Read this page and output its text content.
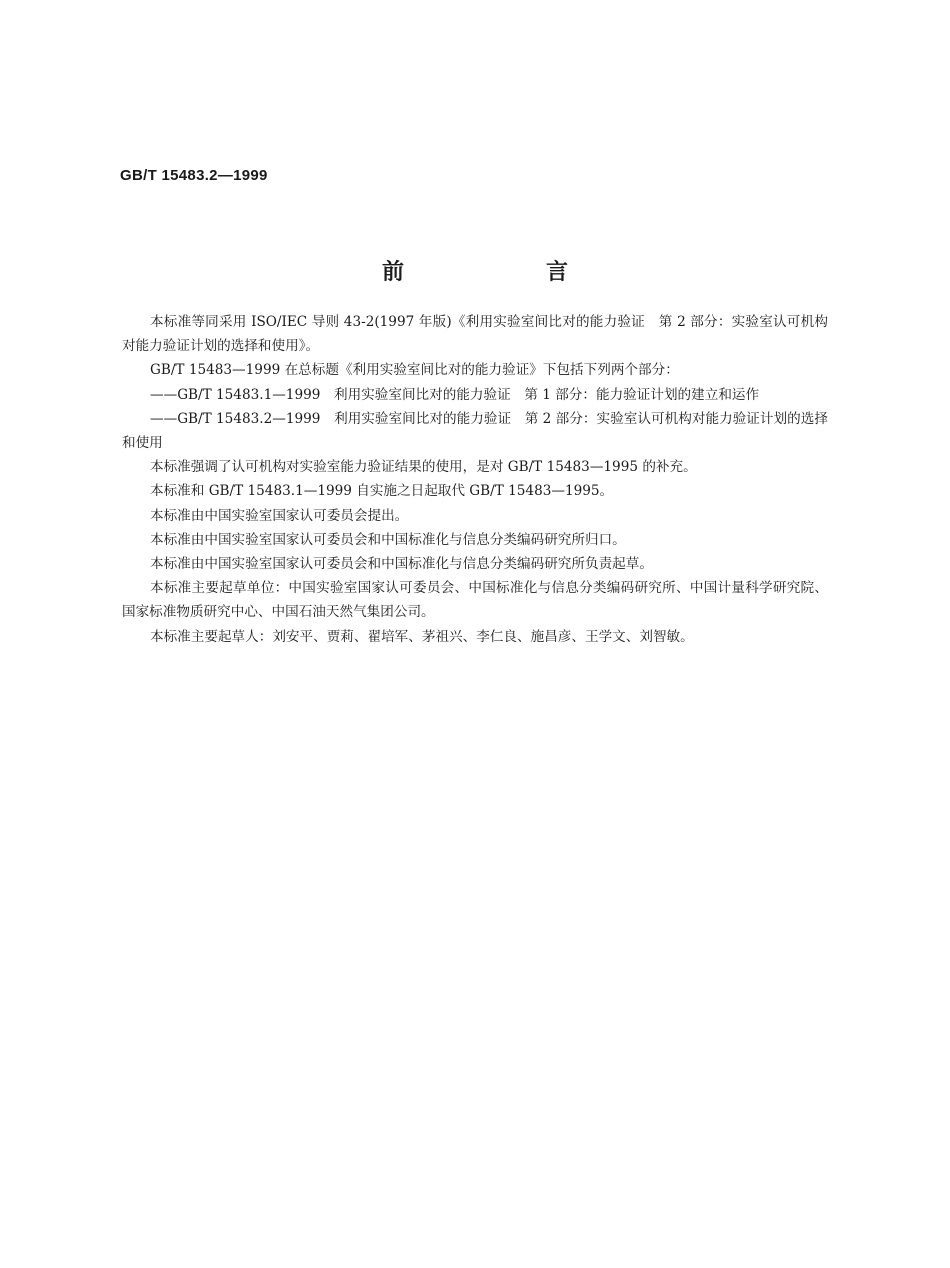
GB/T 15483.2—1999
前　言

本标准等同采用 ISO/IEC 导则 43-2(1997 年版)《利用实验室间比对的能力验证　第 2 部分：实验室认可机构对能力验证计划的选择和使用》。

GB/T 15483—1999 在总标题《利用实验室间比对的能力验证》下包括下列两个部分：

——GB/T 15483.1—1999　利用实验室间比对的能力验证　第 1 部分：能力验证计划的建立和运作

——GB/T 15483.2—1999　利用实验室间比对的能力验证　第 2 部分：实验室认可机构对能力验证计划的选择和使用

本标准强调了认可机构对实验室能力验证结果的使用，是对 GB/T 15483—1995 的补充。

本标准和 GB/T 15483.1—1999 自实施之日起取代 GB/T 15483—1995。

本标准由中国实验室国家认可委员会提出。

本标准由中国实验室国家认可委员会和中国标准化与信息分类编码研究所归口。

本标准由中国实验室国家认可委员会和中国标准化与信息分类编码研究所负责起草。

本标准主要起草单位：中国实验室国家认可委员会、中国标准化与信息分类编码研究所、中国计量科学研究院、国家标准物质研究中心、中国石油天然气集团公司。

本标准主要起草人：刘安平、贾莉、翟培军、茅祖兴、李仁良、施昌彦、王学文、刘智敏。
